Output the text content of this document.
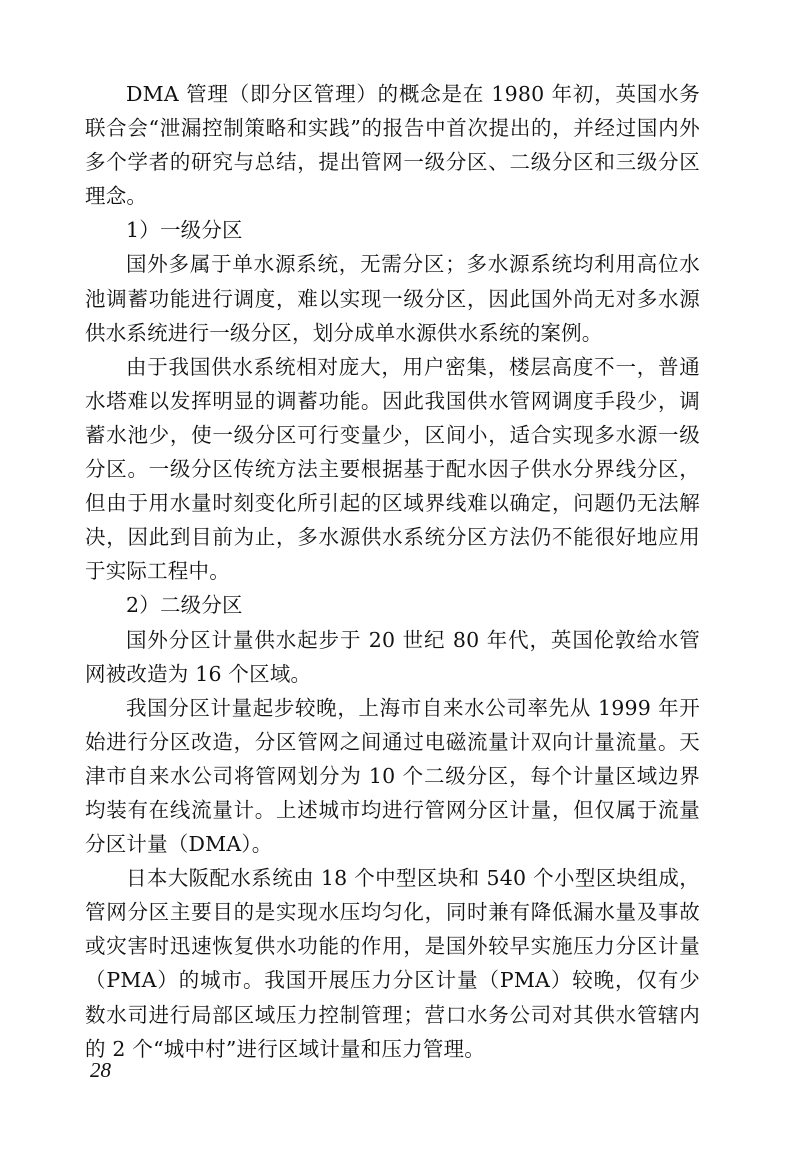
DMA 管理（即分区管理）的概念是在 1980 年初，英国水务联合会“泄漏控制策略和实践”的报告中首次提出的，并经过国内外多个学者的研究与总结，提出管网一级分区、二级分区和三级分区理念。

1）一级分区

国外多属于单水源系统，无需分区；多水源系统均利用高位水池调蓄功能进行调度，难以实现一级分区，因此国外尚无对多水源供水系统进行一级分区，划分成单水源供水系统的案例。

由于我国供水系统相对庞大，用户密集，楼层高度不一，普通水塔难以发挥明显的调蓄功能。因此我国供水管网调度手段少，调蓄水池少，使一级分区可行变量少，区间小，适合实现多水源一级分区。一级分区传统方法主要根据基于配水因子供水分界线分区，但由于用水量时刻变化所引起的区域界线难以确定，问题仍无法解决，因此到目前为止，多水源供水系统分区方法仍不能很好地应用于实际工程中。

2）二级分区

国外分区计量供水起步于 20 世纪 80 年代，英国伦敦给水管网被改造为 16 个区域。

我国分区计量起步较晚，上海市自来水公司率先从 1999 年开始进行分区改造，分区管网之间通过电磁流量计双向计量流量。天津市自来水公司将管网划分为 10 个二级分区，每个计量区域边界均装有在线流量计。上述城市均进行管网分区计量，但仅属于流量分区计量（DMA）。

日本大阪配水系统由 18 个中型区块和 540 个小型区块组成，管网分区主要目的是实现水压均匀化，同时兼有降低漏水量及事故或灾害时迅速恢复供水功能的作用，是国外较早实施压力分区计量（PMA）的城市。我国开展压力分区计量（PMA）较晚，仅有少数水司进行局部区域压力控制管理；营口水务公司对其供水管辖内的 2 个“城中村”进行区域计量和压力管理。

28
